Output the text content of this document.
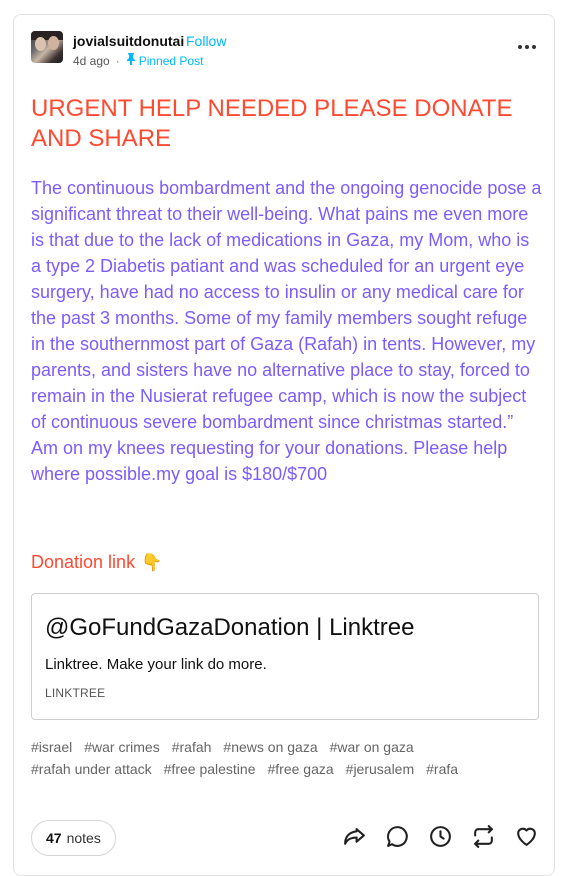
jovialsuitdonutai Follow
4d ago · Pinned Post
URGENT HELP NEEDED PLEASE DONATE AND SHARE
The continuous bombardment and the ongoing genocide pose a significant threat to their well-being. What pains me even more is that due to the lack of medications in Gaza, my Mom, who is a type 2 Diabetis patiant and was scheduled for an urgent eye surgery, have had no access to insulin or any medical care for the past 3 months. Some of my family members sought refuge in the southernmost part of Gaza (Rafah) in tents. However, my parents, and sisters have no alternative place to stay, forced to remain in the Nusierat refugee camp, which is now the subject of continuous severe bombardment since christmas started.” Am on my knees requesting for your donations. Please help where possible.my goal is $180/$700
Donation link 👇
@GoFundGazaDonation | Linktree
Linktree. Make your link do more.
LINKTREE
#israel #war crimes #rafah #news on gaza #war on gaza
#rafah under attack #free palestine #free gaza #jerusalem #rafa
47 notes
